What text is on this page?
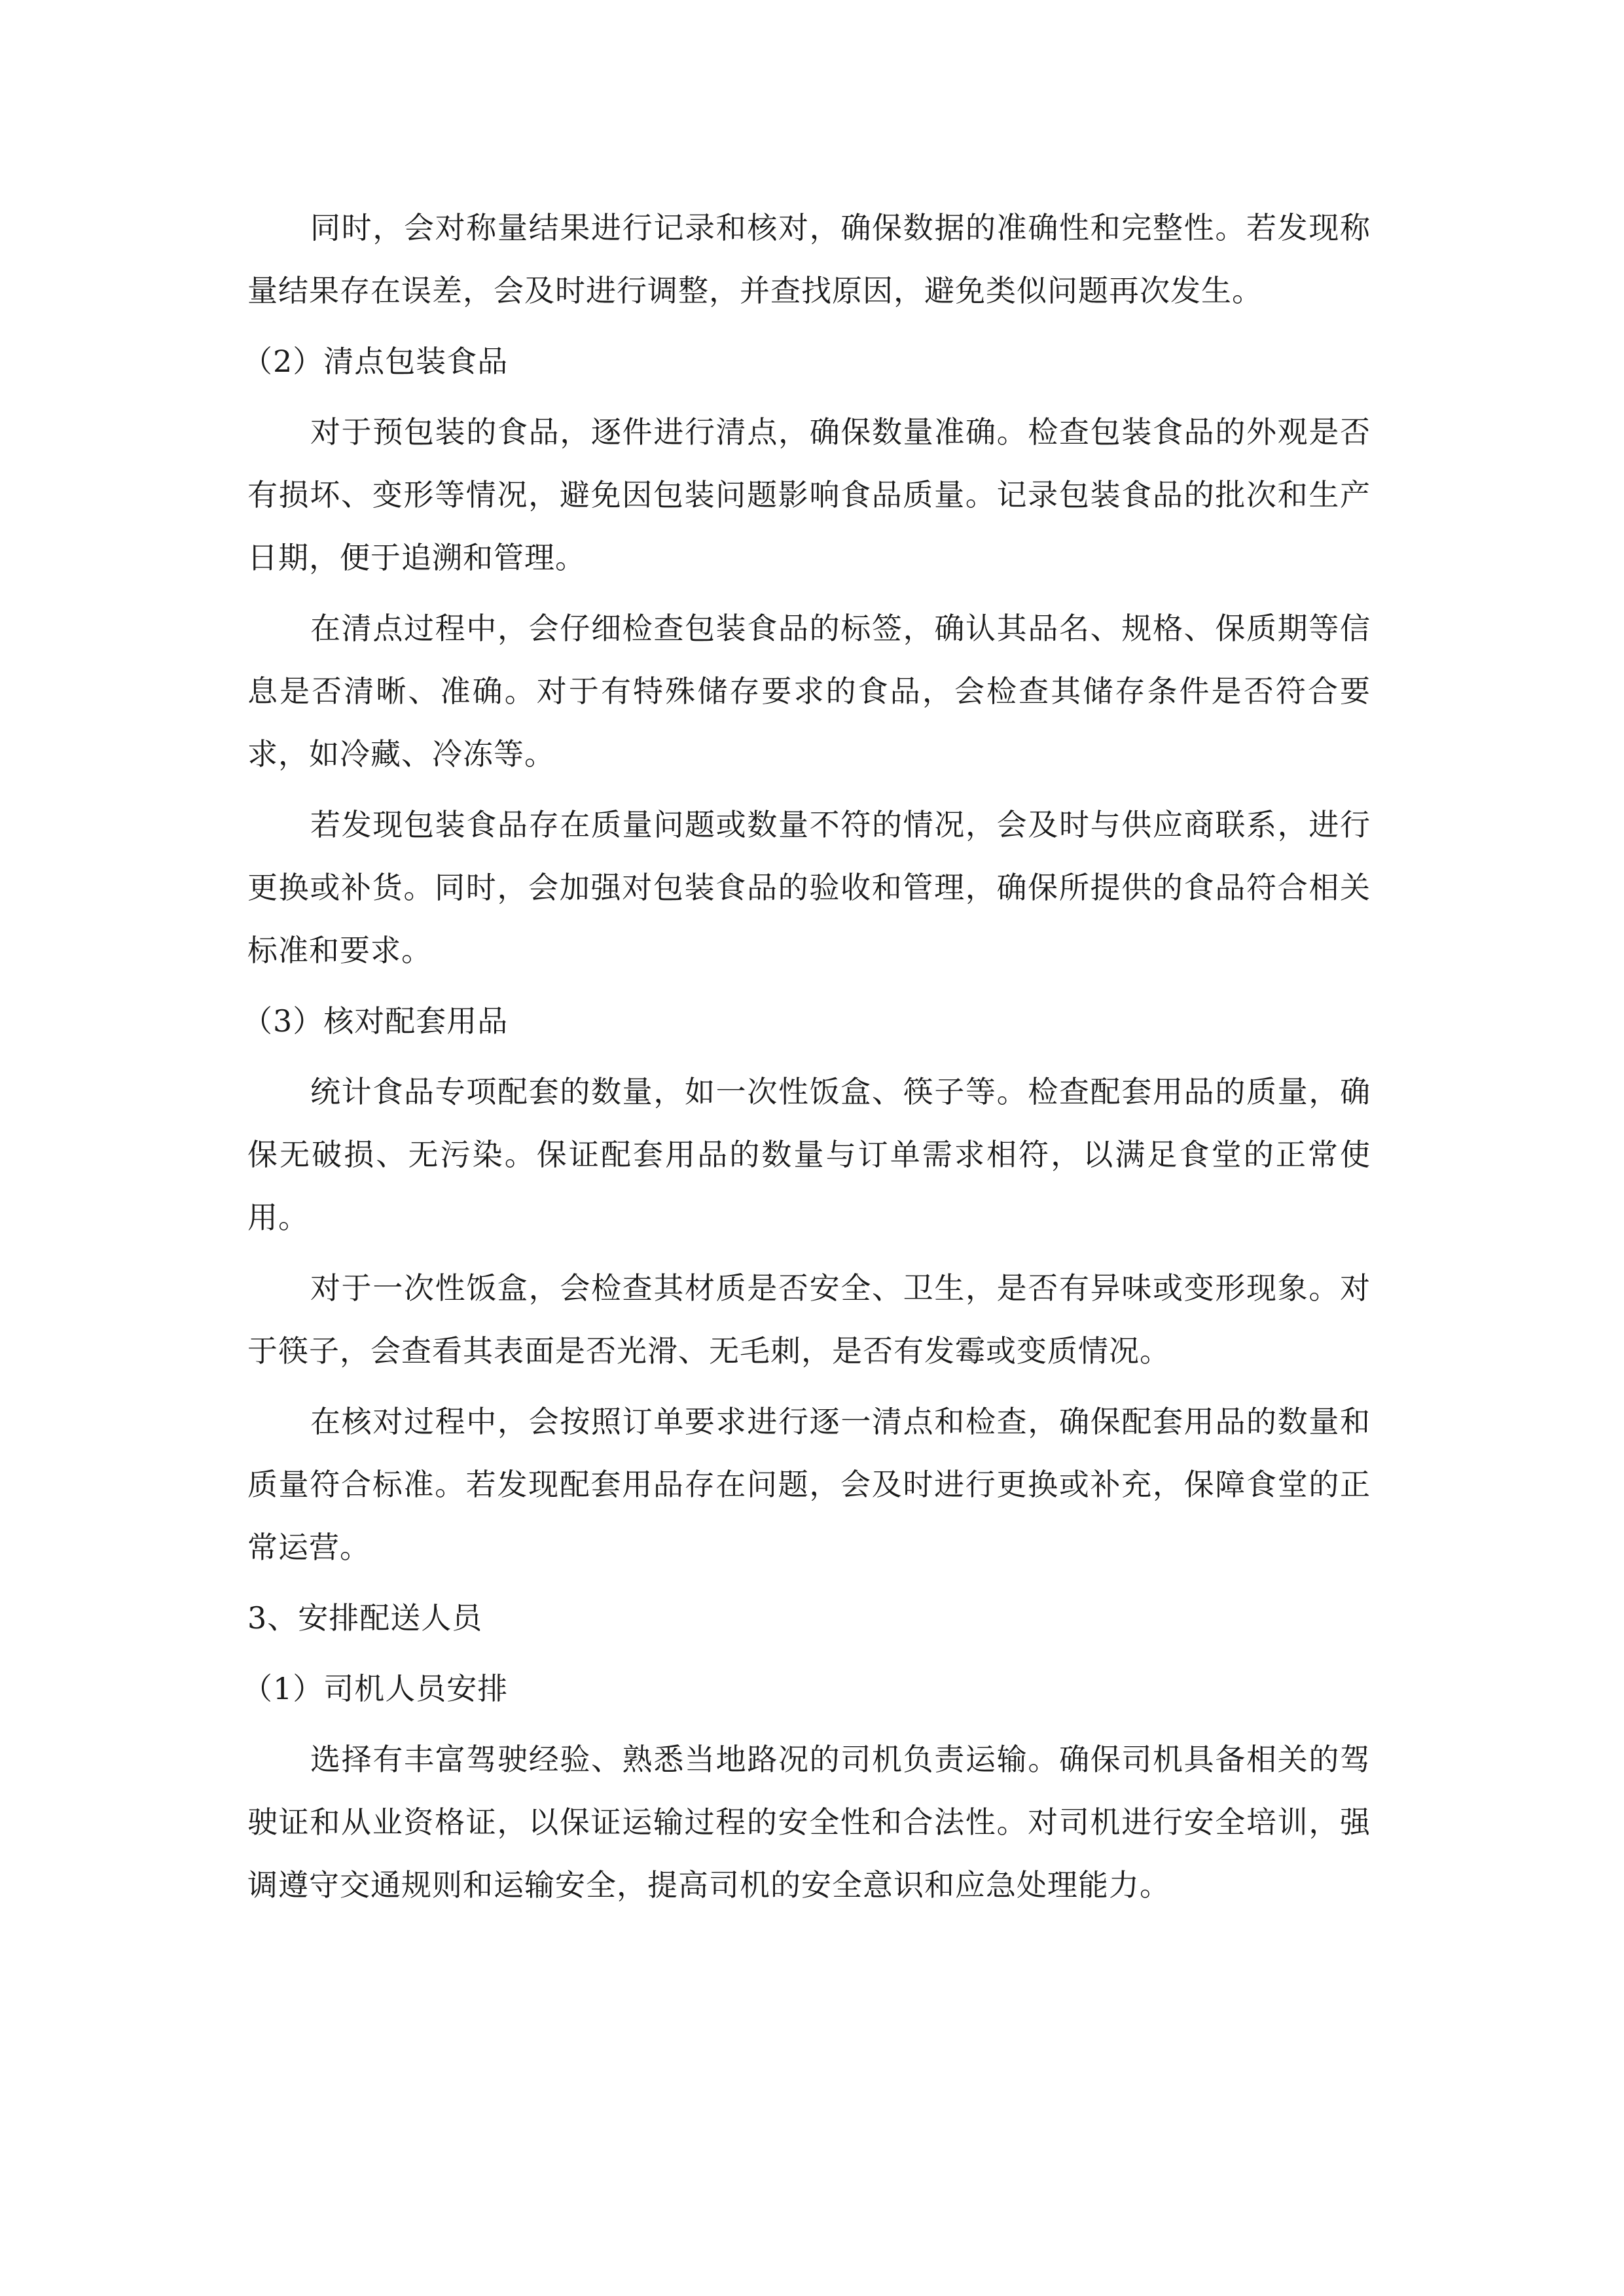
同时，会对称量结果进行记录和核对，确保数据的准确性和完整性。若发现称量结果存在误差，会及时进行调整，并查找原因，避免类似问题再次发生。

（2）清点包装食品

对于预包装的食品，逐件进行清点，确保数量准确。检查包装食品的外观是否有损坏、变形等情况，避免因包装问题影响食品质量。记录包装食品的批次和生产日期，便于追溯和管理。

在清点过程中，会仔细检查包装食品的标签，确认其品名、规格、保质期等信息是否清晰、准确。对于有特殊储存要求的食品，会检查其储存条件是否符合要求，如冷藏、冷冻等。

若发现包装食品存在质量问题或数量不符的情况，会及时与供应商联系，进行更换或补货。同时，会加强对包装食品的验收和管理，确保所提供的食品符合相关标准和要求。

（3）核对配套用品

统计食品专项配套的数量，如一次性饭盒、筷子等。检查配套用品的质量，确保无破损、无污染。保证配套用品的数量与订单需求相符，以满足食堂的正常使用。

对于一次性饭盒，会检查其材质是否安全、卫生，是否有异味或变形现象。对于筷子，会查看其表面是否光滑、无毛刺，是否有发霉或变质情况。

在核对过程中，会按照订单要求进行逐一清点和检查，确保配套用品的数量和质量符合标准。若发现配套用品存在问题，会及时进行更换或补充，保障食堂的正常运营。

3、安排配送人员

（1）司机人员安排

选择有丰富驾驶经验、熟悉当地路况的司机负责运输。确保司机具备相关的驾驶证和从业资格证，以保证运输过程的安全性和合法性。对司机进行安全培训，强调遵守交通规则和运输安全，提高司机的安全意识和应急处理能力。
